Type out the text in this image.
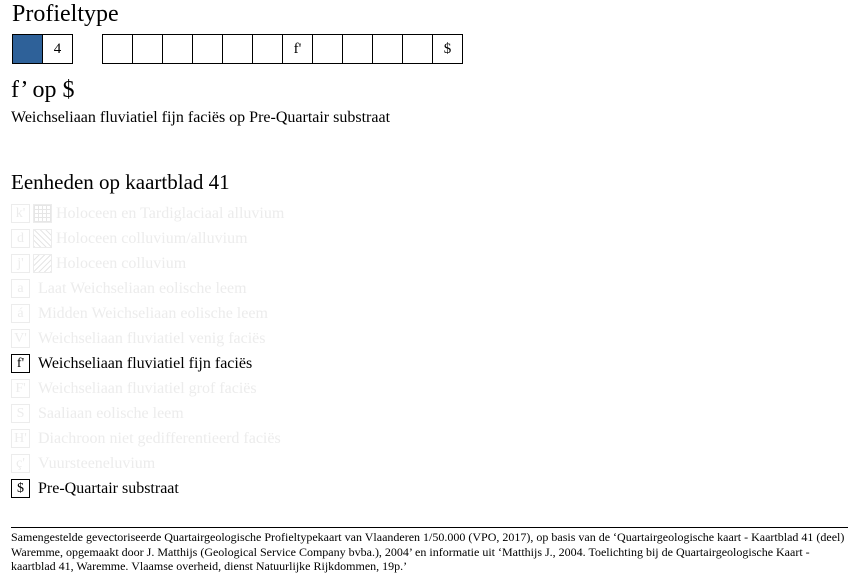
Profieltype
4	f'	$
f’ op $
Weichseliaan fluviatiel fijn faciës op Pre-Quartair substraat
Eenheden op kaartblad 41
k' Holoceen en Tardiglaciaal alluvium
d	Holoceen colluvium/alluvium
j'	Holoceen colluvium
a Laat Weichseliaan eolische leem
á Midden Weichseliaan eolische leem
V' Weichseliaan fluviatiel venig faciës
f' Weichseliaan fluviatiel fijn faciës
F' Weichseliaan fluviatiel grof faciës
S Saaliaan eolische leem
H' Diachroon niet gedifferentieerd faciës
ç' Vuursteeneluvium
$ Pre-Quartair substraat
Samengestelde gevectoriseerde Quartairgeologische Profieltypekaart van Vlaanderen 1/50.000 (VPO, 2017), op basis van de ‘Quartairgeologische kaart - Kaartblad 41 (deel) Waremme, opgemaakt door J. Matthijs (Geological Service Company bvba.), 2004’ en informatie uit ‘Matthijs J., 2004. Toelichting bij de Quartairgeologische Kaart - kaartblad 41, Waremme. Vlaamse overheid, dienst Natuurlijke Rijkdommen, 19p.’
